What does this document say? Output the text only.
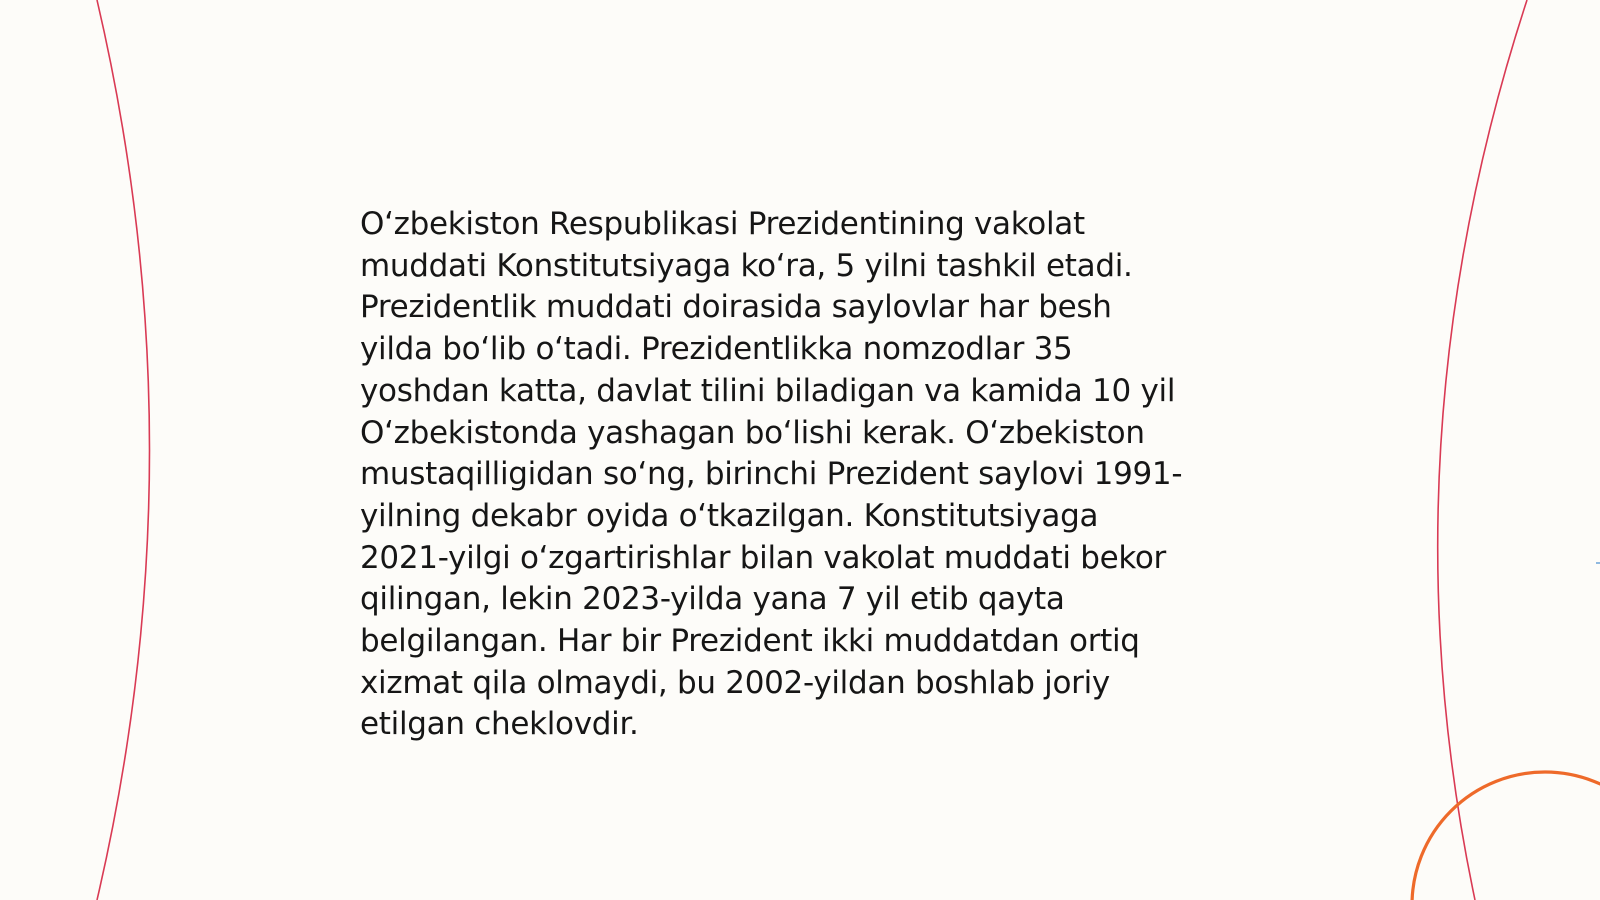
O‘zbekiston Respublikasi Prezidentining vakolat
muddati Konstitutsiyaga ko‘ra, 5 yilni tashkil etadi.
Prezidentlik muddati doirasida saylovlar har besh
yilda bo‘lib o‘tadi. Prezidentlikka nomzodlar 35
yoshdan katta, davlat tilini biladigan va kamida 10 yil
O‘zbekistonda yashagan bo‘lishi kerak. O‘zbekiston
mustaqilligidan so‘ng, birinchi Prezident saylovi 1991-
yilning dekabr oyida o‘tkazilgan. Konstitutsiyaga
2021-yilgi o‘zgartirishlar bilan vakolat muddati bekor
qilingan, lekin 2023-yilda yana 7 yil etib qayta
belgilangan. Har bir Prezident ikki muddatdan ortiq
xizmat qila olmaydi, bu 2002-yildan boshlab joriy
etilgan cheklovdir.
